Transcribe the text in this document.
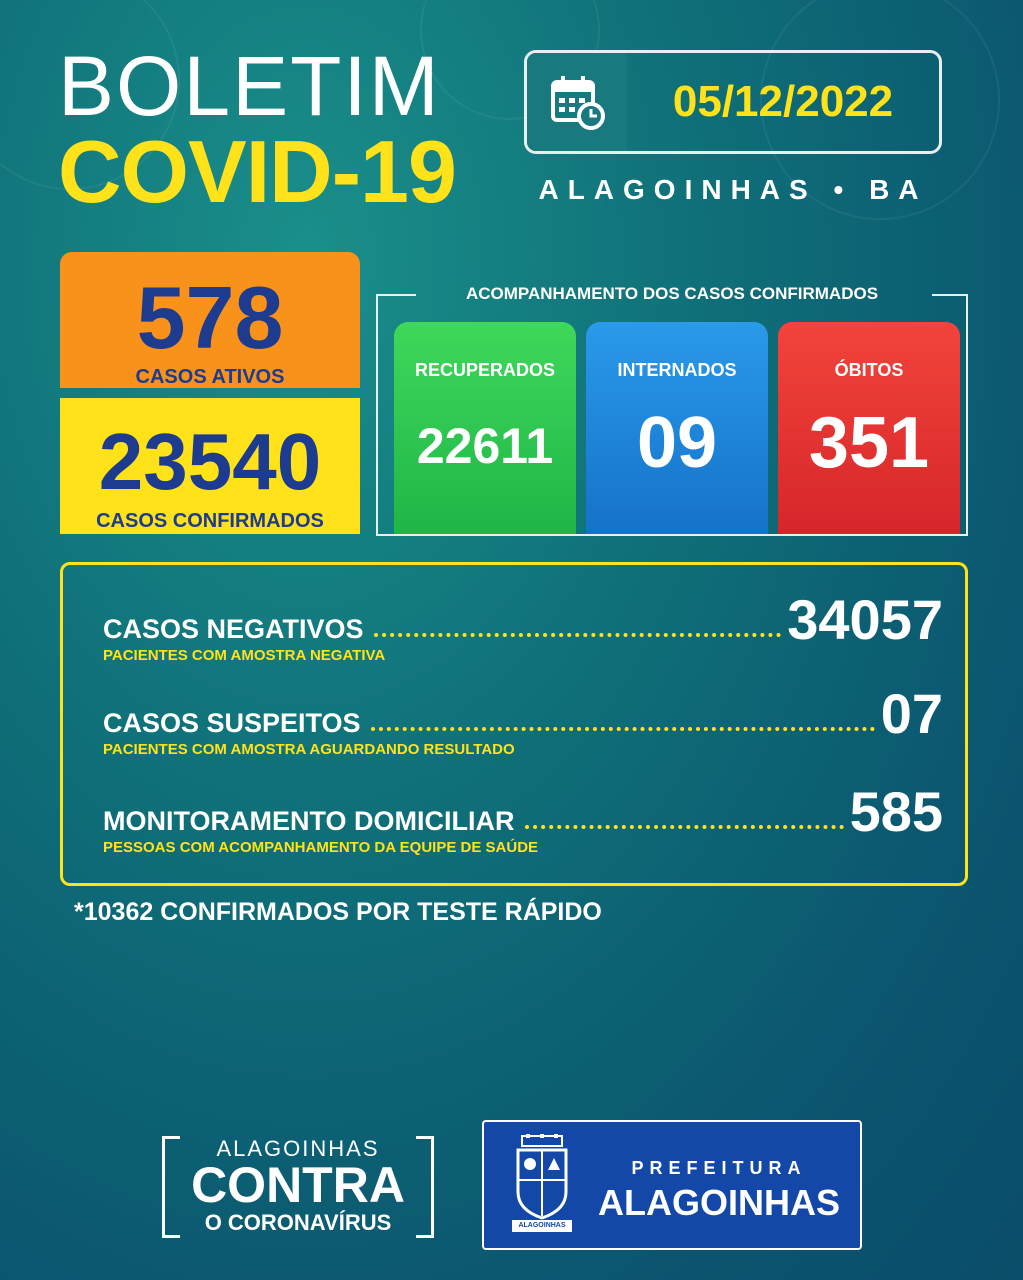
BOLETIM
COVID-19
05/12/2022
ALAGOINHAS • BA
578
CASOS ATIVOS
23540
CASOS CONFIRMADOS
ACOMPANHAMENTO DOS CASOS CONFIRMADOS
RECUPERADOS
22611
INTERNADOS
09
ÓBITOS
351
CASOS NEGATIVOS	34057
PACIENTES COM AMOSTRA NEGATIVA
CASOS SUSPEITOS	07
PACIENTES COM AMOSTRA AGUARDANDO RESULTADO
MONITORAMENTO DOMICILIAR	585
PESSOAS COM ACOMPANHAMENTO DA EQUIPE DE SAÚDE
*10362 CONFIRMADOS POR TESTE RÁPIDO
ALAGOINHAS
CONTRA
O CORONAVÍRUS	ALAGOINHAS
PREFEITURA
ALAGOINHAS
